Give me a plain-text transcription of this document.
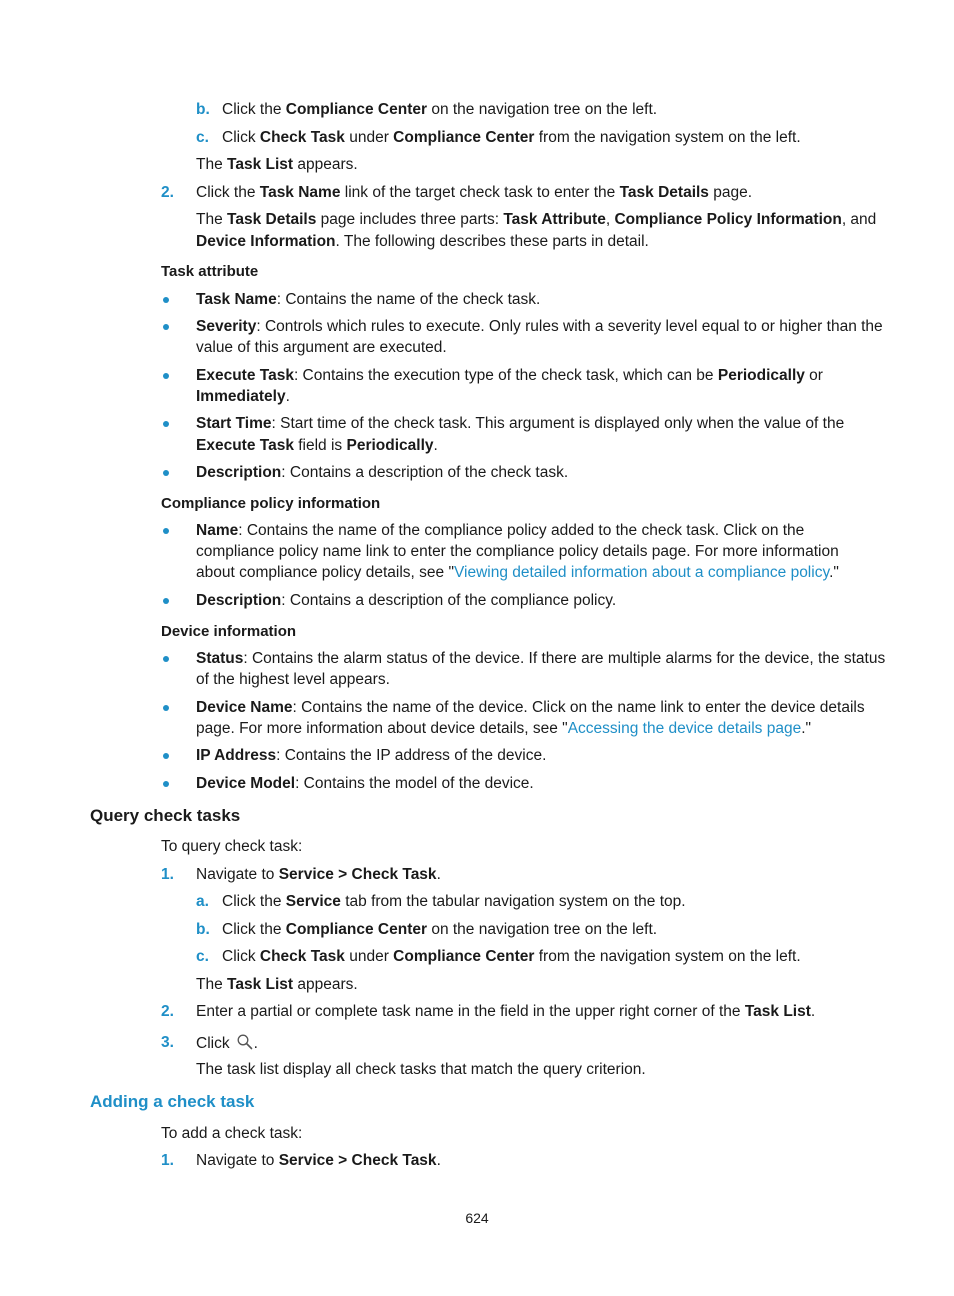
b. Click the Compliance Center on the navigation tree on the left.
c. Click Check Task under Compliance Center from the navigation system on the left.
The Task List appears.
2. Click the Task Name link of the target check task to enter the Task Details page.
The Task Details page includes three parts: Task Attribute, Compliance Policy Information, and
Device Information. The following describes these parts in detail.
Task attribute
Task Name: Contains the name of the check task.
Severity: Controls which rules to execute. Only rules with a severity level equal to or higher than the
value of this argument are executed.
Execute Task: Contains the execution type of the check task, which can be Periodically or
Immediately.
Start Time: Start time of the check task. This argument is displayed only when the value of the
Execute Task field is Periodically.
Description: Contains a description of the check task.
Compliance policy information
Name: Contains the name of the compliance policy added to the check task. Click on the
compliance policy name link to enter the compliance policy details page. For more information
about compliance policy details, see "Viewing detailed information about a compliance policy."
Description: Contains a description of the compliance policy.
Device information
Status: Contains the alarm status of the device. If there are multiple alarms for the device, the status
of the highest level appears.
Device Name: Contains the name of the device. Click on the name link to enter the device details
page. For more information about device details, see "Accessing the device details page."
IP Address: Contains the IP address of the device.
Device Model: Contains the model of the device.
Query check tasks
To query check task:
1. Navigate to Service > Check Task.
a. Click the Service tab from the tabular navigation system on the top.
b. Click the Compliance Center on the navigation tree on the left.
c. Click Check Task under Compliance Center from the navigation system on the left.
The Task List appears.
2. Enter a partial or complete task name in the field in the upper right corner of the Task List.
3. Click .
The task list display all check tasks that match the query criterion.
Adding a check task
To add a check task:
1. Navigate to Service > Check Task.
624
